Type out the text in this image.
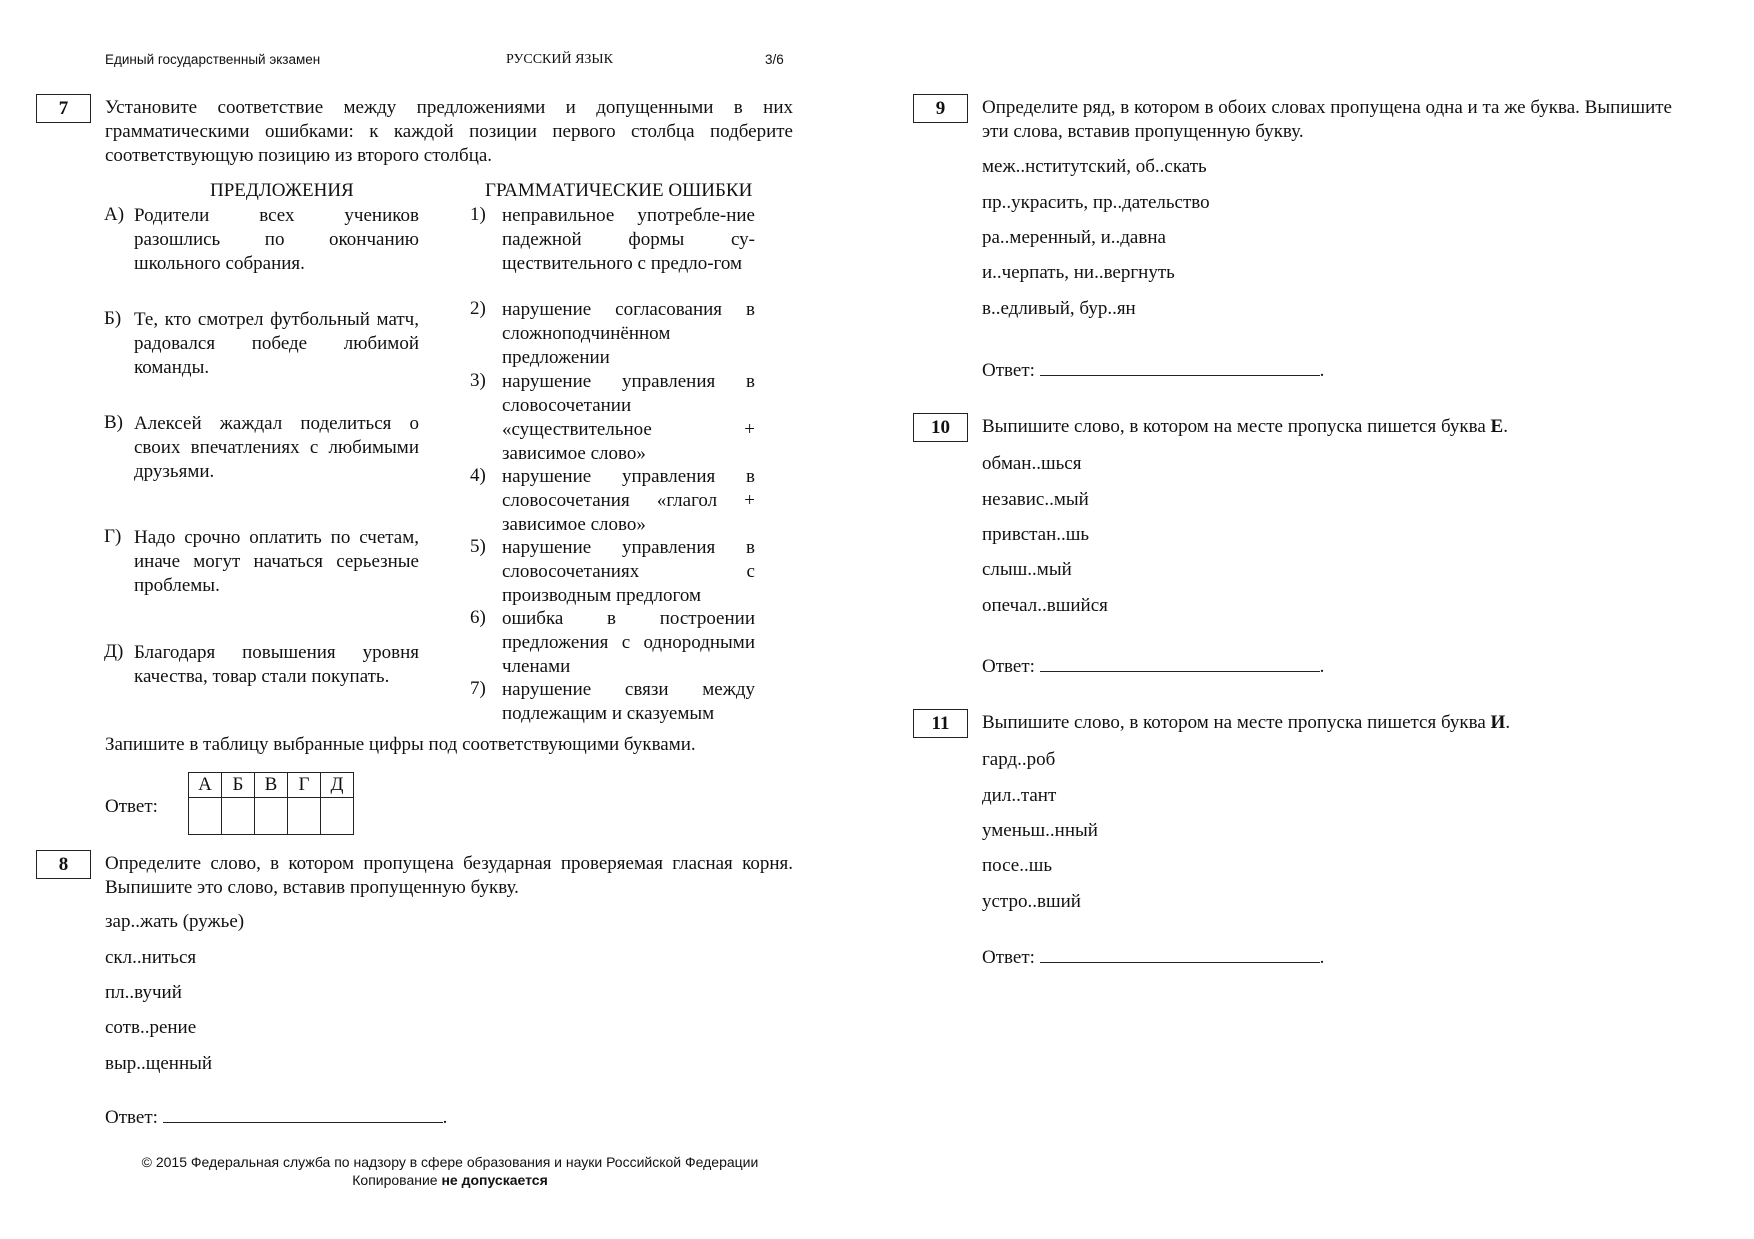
Единый государственный экзамен	РУССКИЙ ЯЗЫК	3/6
7	Установите соответствие между предложениями и допущенными в них грамматическими ошибками: к каждой позиции первого столбца подберите соответствующую позицию из второго столбца.
ПРЕДЛОЖЕНИЯ	ГРАММАТИЧЕСКИЕ ОШИБКИ
А) Родители всех учеников разошлись по окончанию школьного собрания.
Б) Те, кто смотрел футбольный матч, радовался победе любимой команды.
В) Алексей жаждал поделиться о своих впечатлениях с любимыми друзьями.
Г) Надо срочно оплатить по счетам, иначе могут начаться серьезные проблемы.
Д) Благодаря повышения уровня качества, товар стали покупать.
1) неправильное употребле-ние падежной формы су-ществительного с предло-гом
2) нарушение согласования в сложноподчинённом предложении
3) нарушение управления в словосочетании «существительное + зависимое слово»
4) нарушение управления в словосочетания «глагол + зависимое слово»
5) нарушение управления в словосочетаниях с производным предлогом
6) ошибка в построении предложения с однородными членами
7) нарушение связи между подлежащим и сказуемым
Запишите в таблицу выбранные цифры под соответствующими буквами.
Ответ:
А	Б	В	Г	Д

8	Определите слово, в котором пропущена безударная проверяемая гласная корня. Выпишите это слово, вставив пропущенную букву.
зар..жать (ружье)
скл..ниться
пл..вучий
сотв..рение
выр..щенный
Ответ:	.
© 2015 Федеральная служба по надзору в сфере образования и науки Российской Федерации
Копирование не допускается
9	Определите ряд, в котором в обоих словах пропущена одна и та же буква. Выпишите эти слова, вставив пропущенную букву.
меж..нститутский, об..скать
пр..украсить, пр..дательство
ра..меренный, и..давна
и..черпать, ни..вергнуть
в..едливый, бур..ян
Ответ:	.
10	Выпишите слово, в котором на месте пропуска пишется буква Е.
обман..шься
независ..мый
привстан..шь
слыш..мый
опечал..вшийся
Ответ:	.
11	Выпишите слово, в котором на месте пропуска пишется буква И.
гард..роб
дил..тант
уменьш..нный
посе..шь
устро..вший
Ответ:	.
